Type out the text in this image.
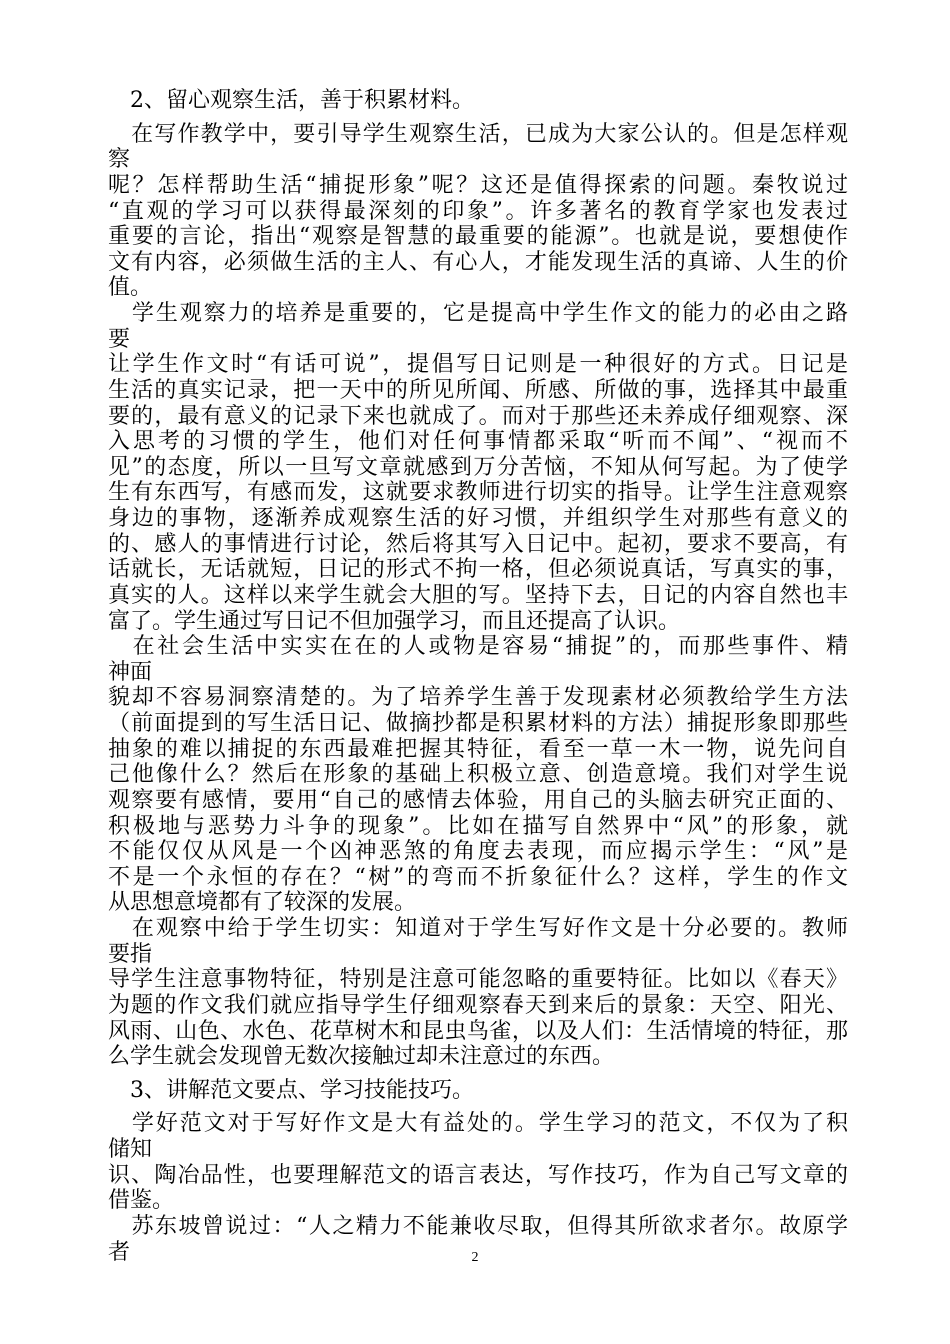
　2、留心观察生活，善于积累材料。
　在写作教学中，要引导学生观察生活，已成为大家公认的。但是怎样观
察
呢？怎样帮助生活“捕捉形象”呢？这还是值得探索的问题。秦牧说过
“直观的学习可以获得最深刻的印象”。许多著名的教育学家也发表过
重要的言论，指出“观察是智慧的最重要的能源”。也就是说，要想使作
文有内容，必须做生活的主人、有心人，才能发现生活的真谛、人生的价
值。
　学生观察力的培养是重要的，它是提高中学生作文的能力的必由之路
要
让学生作文时“有话可说”，提倡写日记则是一种很好的方式。日记是
生活的真实记录，把一天中的所见所闻、所感、所做的事，选择其中最重
要的，最有意义的记录下来也就成了。而对于那些还未养成仔细观察、深
入思考的习惯的学生，他们对任何事情都采取“听而不闻”、“视而不
见”的态度，所以一旦写文章就感到万分苦恼，不知从何写起。为了使学
生有东西写，有感而发，这就要求教师进行切实的指导。让学生注意观察
身边的事物，逐渐养成观察生活的好习惯，并组织学生对那些有意义的
的、感人的事情进行讨论，然后将其写入日记中。起初，要求不要高，有
话就长，无话就短，日记的形式不拘一格，但必须说真话，写真实的事，
真实的人。这样以来学生就会大胆的写。坚持下去，日记的内容自然也丰
富了。学生通过写日记不但加强学习，而且还提高了认识。
　在社会生活中实实在在的人或物是容易“捕捉”的，而那些事件、精
神面
貌却不容易洞察清楚的。为了培养学生善于发现素材必须教给学生方法
（前面提到的写生活日记、做摘抄都是积累材料的方法）捕捉形象即那些
抽象的难以捕捉的东西最难把握其特征，看至一草一木一物，说先问自
己他像什么？然后在形象的基础上积极立意、创造意境。我们对学生说
观察要有感情，要用“自己的感情去体验，用自己的头脑去研究正面的、
积极地与恶势力斗争的现象”。比如在描写自然界中“风”的形象，就
不能仅仅从风是一个凶神恶煞的角度去表现，而应揭示学生：“风”是
不是一个永恒的存在？“树”的弯而不折象征什么？这样，学生的作文
从思想意境都有了较深的发展。
　在观察中给于学生切实：知道对于学生写好作文是十分必要的。教师
要指
导学生注意事物特征，特别是注意可能忽略的重要特征。比如以《春天》
为题的作文我们就应指导学生仔细观察春天到来后的景象：天空、阳光、
风雨、山色、水色、花草树木和昆虫鸟雀，以及人们：生活情境的特征，那
么学生就会发现曾无数次接触过却未注意过的东西。
　3、讲解范文要点、学习技能技巧。
　学好范文对于写好作文是大有益处的。学生学习的范文，不仅为了积
储知
识、陶冶品性，也要理解范文的语言表达，写作技巧，作为自己写文章的
借鉴。
　苏东坡曾说过：“人之精力不能兼收尽取，但得其所欲求者尔。故原学
者	2
